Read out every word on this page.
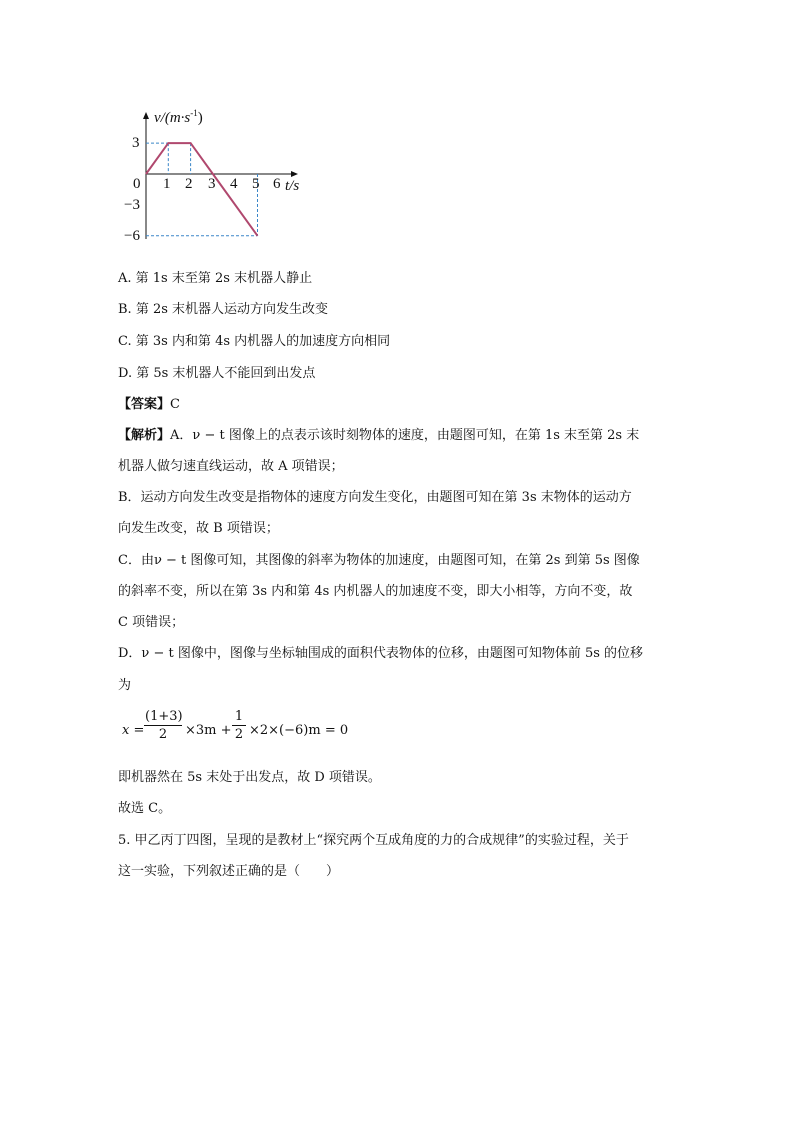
$v/(m\cdot s^{-1})$
0
3
−3
−6
1 2 3 4 5 6 t/s
A. 第 1s 末至第 2s 末机器人静止
B. 第 2s 末机器人运动方向发生改变
C. 第 3s 内和第 4s 内机器人的加速度方向相同
D. 第 5s 末机器人不能回到出发点
【答案】C
【解析】A．ν − t 图像上的点表示该时刻物体的速度，由题图可知，在第 1s 末至第 2s 末
机器人做匀速直线运动，故 A 项错误；
B．运动方向发生改变是指物体的速度方向发生变化，由题图可知在第 3s 末物体的运动方
向发生改变，故 B 项错误；
C．由ν − t 图像可知，其图像的斜率为物体的加速度，由题图可知，在第 2s 到第 5s 图像
的斜率不变，所以在第 3s 内和第 4s 内机器人的加速度不变，即大小相等，方向不变，故
C 项错误；
D．ν − t 图像中，图像与坐标轴围成的面积代表物体的位移，由题图可知物体前 5s 的位移
为
$x = \frac{(1+3)}{2} \times 3m + \frac{1}{2} \times 2\times(-6)m = 0$
即机器然在 5s 末处于出发点，故 D 项错误。
故选 C。
5. 甲乙丙丁四图，呈现的是教材上“探究两个互成角度的力的合成规律”的实验过程，关于
这一实验，下列叙述正确的是（　　）
